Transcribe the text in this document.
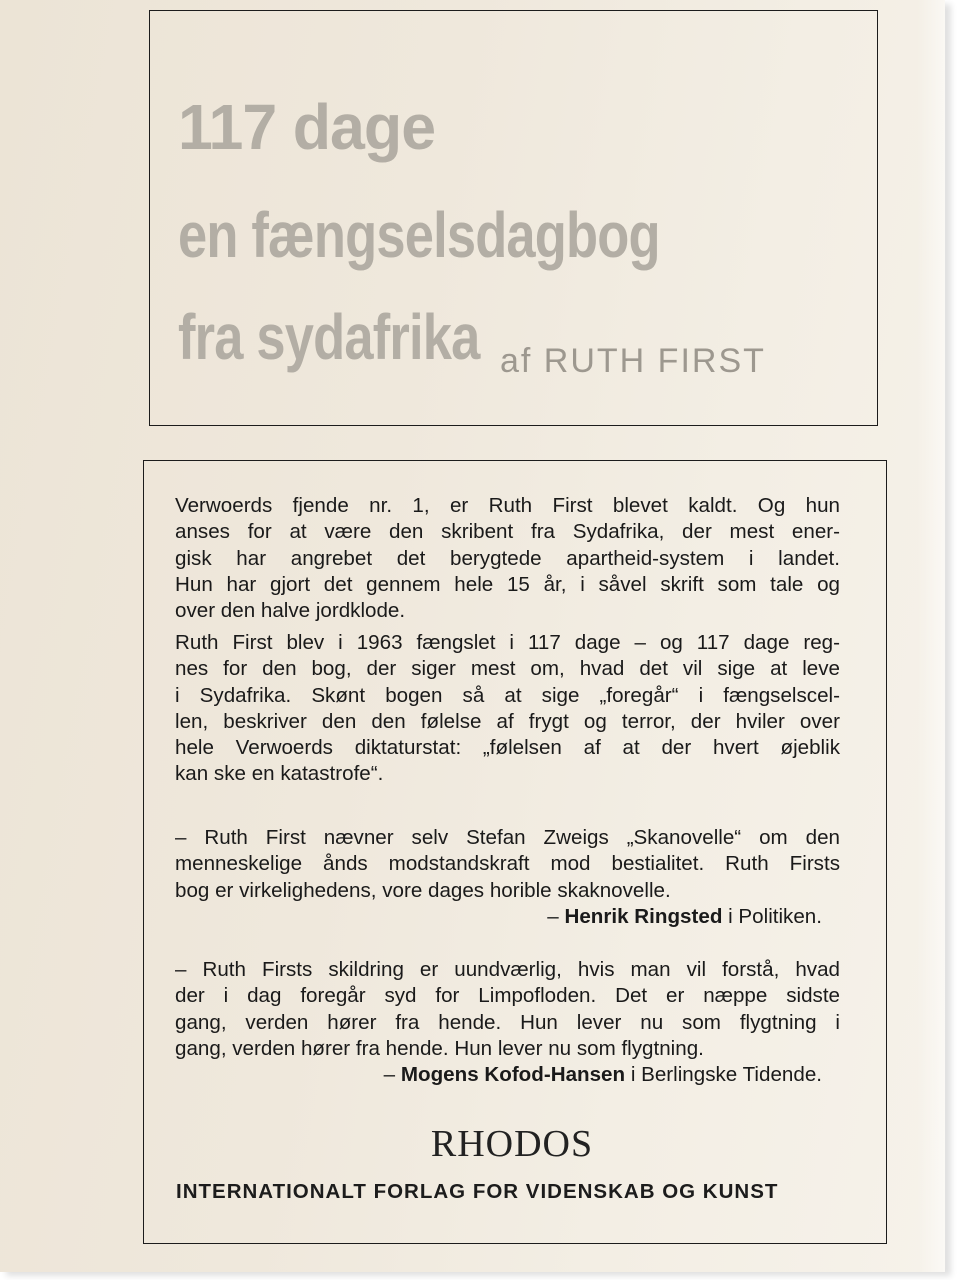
117 dage
en fængselsdagbog
fra sydafrika af RUTH FIRST
Verwoerds fjende nr. 1, er Ruth First blevet kaldt. Og hun
anses for at være den skribent fra Sydafrika, der mest ener-
gisk har angrebet det berygtede apartheid-system i landet.
Hun har gjort det gennem hele 15 år, i såvel skrift som tale og
over den halve jordklode.
Ruth First blev i 1963 fængslet i 117 dage – og 117 dage reg-
nes for den bog, der siger mest om, hvad det vil sige at leve
i Sydafrika. Skønt bogen så at sige „foregår“ i fængselscel-
len, beskriver den den følelse af frygt og terror, der hviler over
hele Verwoerds diktaturstat: „følelsen af at der hvert øjeblik
kan ske en katastrofe“.
– Ruth First nævner selv Stefan Zweigs „Skanovelle“ om den
menneskelige ånds modstandskraft mod bestialitet. Ruth Firsts
bog er virkelighedens, vore dages horible skaknovelle.
– Henrik Ringsted i Politiken.
– Ruth Firsts skildring er uundværlig, hvis man vil forstå, hvad
der i dag foregår syd for Limpofloden. Det er næppe sidste
gang, verden hører fra hende. Hun lever nu som flygtning i
gang, verden hører fra hende. Hun lever nu som flygtning.
– Mogens Kofod-Hansen i Berlingske Tidende.
RHODOS
INTERNATIONALT FORLAG FOR VIDENSKAB OG KUNST
